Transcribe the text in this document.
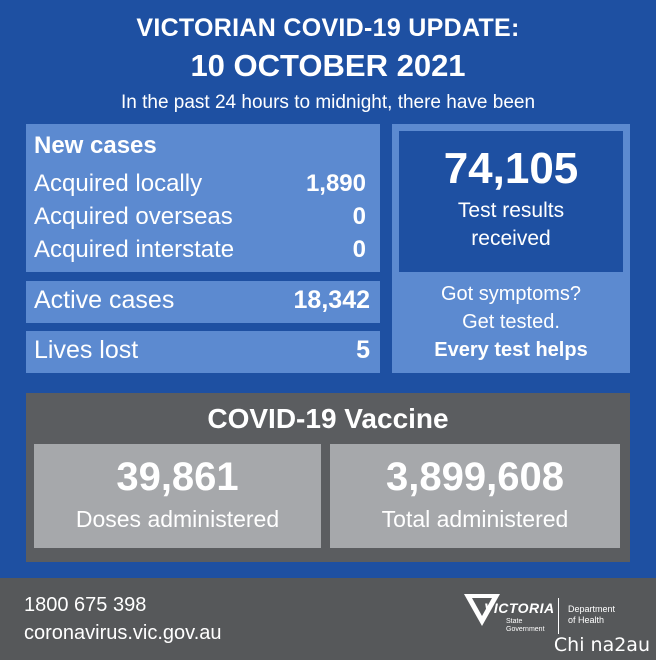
VICTORIAN COVID-19 UPDATE:
10 OCTOBER 2021
In the past 24 hours to midnight, there have been
New cases
Acquired locally	1,890
Acquired overseas	0
Acquired interstate	0
Active cases	18,342
Lives lost	5
74,105
Test results
received
Got symptoms?
Get tested.
Every test helps
COVID-19 Vaccine
39,861
Doses administered
3,899,608
Total administered
1800 675 398
coronavirus.vic.gov.au
VICTORIA
State
Government
Department
of Health
Chi na2au
